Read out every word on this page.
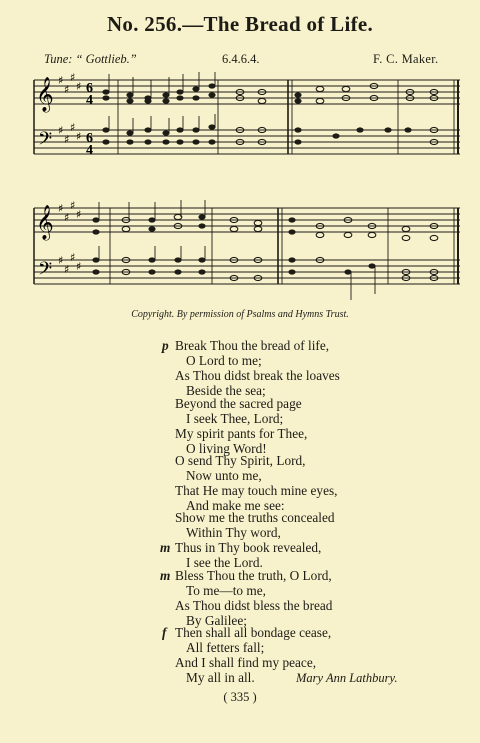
No. 256.—The Bread of Life.
Tune: “ Gottlieb.”	6.4.6.4.	F. C. Maker.
𝄞
𝄢
♯
♯
♯
♯
♯
♯
♯
♯
6
4
6
4
𝄞
𝄢
♯
♯
♯
♯
♯
♯
♯
♯
Copyright. By permission of Psalms and Hymns Trust.
p Break Thou the bread of life,
O Lord to me;
As Thou didst break the loaves
Beside the sea;
Beyond the sacred page
I seek Thee, Lord;
My spirit pants for Thee,
O living Word!
O send Thy Spirit, Lord,
Now unto me,
That He may touch mine eyes,
And make me see:
Show me the truths concealed
Within Thy word,
m Thus in Thy book revealed,
I see the Lord.
m Bless Thou the truth, O Lord,
To me—to me,
As Thou didst bless the bread
By Galilee;
f Then shall all bondage cease,
All fetters fall;
And I shall find my peace,
My all in all.	Mary Ann Lathbury.
( 335 )
